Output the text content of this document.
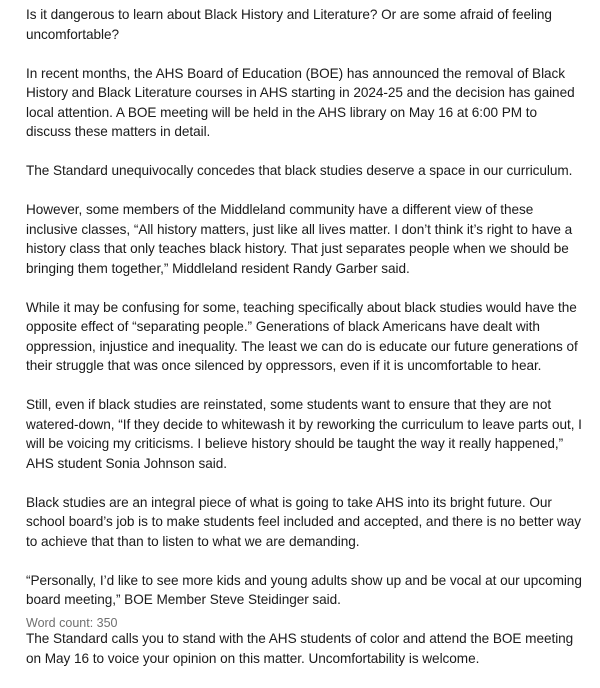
Is it dangerous to learn about Black History and Literature? Or are some afraid of feeling uncomfortable?

In recent months, the AHS Board of Education (BOE) has announced the removal of Black History and Black Literature courses in AHS starting in 2024-25 and the decision has gained local attention. A BOE meeting will be held in the AHS library on May 16 at 6:00 PM to discuss these matters in detail.

The Standard unequivocally concedes that black studies deserve a space in our curriculum.

However, some members of the Middleland community have a different view of these inclusive classes, “All history matters, just like all lives matter. I don’t think it’s right to have a history class that only teaches black history. That just separates people when we should be bringing them together,” Middleland resident Randy Garber said.

While it may be confusing for some, teaching specifically about black studies would have the opposite effect of “separating people.” Generations of black Americans have dealt with oppression, injustice and inequality. The least we can do is educate our future generations of their struggle that was once silenced by oppressors, even if it is uncomfortable to hear.

Still, even if black studies are reinstated, some students want to ensure that they are not watered-down, “If they decide to whitewash it by reworking the curriculum to leave parts out, I will be voicing my criticisms. I believe history should be taught the way it really happened,” AHS student Sonia Johnson said.

Black studies are an integral piece of what is going to take AHS into its bright future. Our school board’s job is to make students feel included and accepted, and there is no better way to achieve that than to listen to what we are demanding.

“Personally, I’d like to see more kids and young adults show up and be vocal at our upcoming board meeting,” BOE Member Steve Steidinger said.

The Standard calls you to stand with the AHS students of color and attend the BOE meeting on May 16 to voice your opinion on this matter. Uncomfortability is welcome.

Word count: 350
